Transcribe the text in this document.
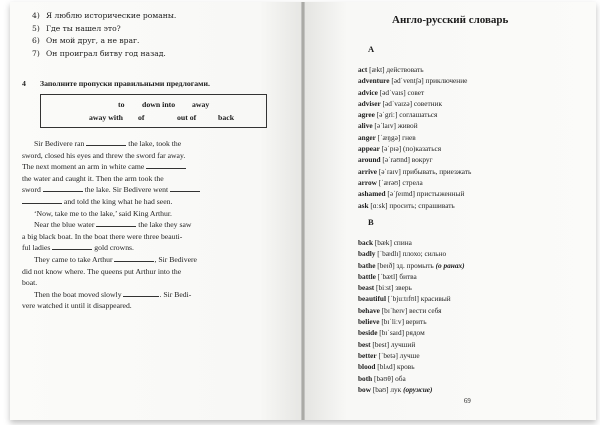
4) Я люблю исторические романы.
5) Где ты нашел это?
6) Он мой друг, а не враг.
7) Он проиграл битву год назад.
4 Заполните пропуски правильными предлогами.
to down into away
away with of	out of	back
Sir Bedivere ran	the lake, took the
sword, closed his eyes and threw the sword far away.
The next moment an arm in white came
the water and caught it. Then the arm took the
sword	the lake. Sir Bedivere went
and told the king what he had seen.
‘Now, take me to the lake,’ said King Arthur.
Near the blue water	the lake they saw
a big black boat. In the boat there were three beauti-
ful ladies	gold crowns.
They came to take Arthur	, Sir Bedivere
did not know where. The queens put Arthur into the
boat.
Then the boat moved slowly	. Sir Bedi-
vere watched it until it disappeared.
Англо-русский словарь
A
act [ækt] действовать
adventure [ədˈventʃə] приключение
advice [ədˈvaɪs] совет
adviser [ədˈvaɪzə] советник
agree [əˈgriː] соглашаться
alive [əˈlaɪv] живой
anger [ˈæŋgə] гнев
appear [əˈpɪə] (по)казаться
around [əˈraʊnd] вокруг
arrive [əˈraɪv] прибывать, приезжать
arrow [ˈærəʊ] стрела
ashamed [əˈʃeɪmd] пристыженный
ask [ɑːsk] просить; спрашивать
B
back [bæk] спина
badly [ˈbædlɪ] плохо; сильно
bathe [beɪð] зд. промыть (о ранах)
battle [ˈbætl] битва
beast [biːst] зверь
beautiful [ˈbjuːtɪfʊl] красивый
behave [bɪˈheɪv] вести себя
believe [bɪˈliːv] верить
beside [bɪˈsaɪd] рядом
best [best] лучший
better [ˈbetə] лучше
blood [blʌd] кровь
both [bəʊθ] оба
bow [baʊ] лук (оружие)
69
